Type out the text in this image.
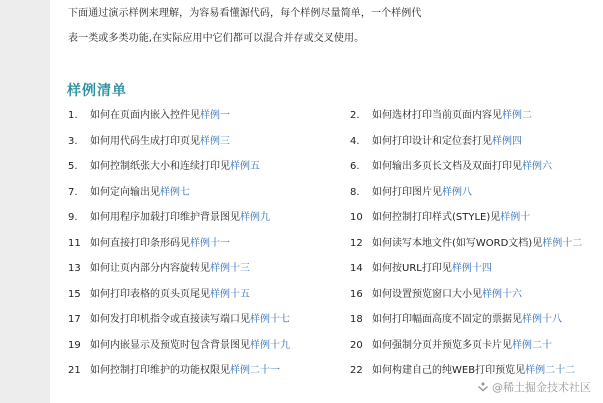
下面通过演示样例来理解，为容易看懂源代码，每个样例尽量简单，一个样例代
表一类或多类功能,在实际应用中它们都可以混合并存或交叉使用。
样例清单
1. 如何在页面内嵌入控件见样例一	2. 如何选材打印当前页面内容见样例二
3. 如何用代码生成打印页见样例三	4. 如何打印设计和定位套打见样例四
5. 如何控制纸张大小和连续打印见样例五	6. 如何输出多页长文档及双面打印见样例六
7. 如何定向输出见样例七	8. 如何打印图片见样例八
9. 如何用程序加载打印维护背景图见样例九	10 如何控制打印样式(STYLE)见样例十
11 如何直接打印条形码见样例十一	12 如何读写本地文件(如写WORD文档)见样例十二
13 如何让页内部分内容旋转见样例十三	14 如何按URL打印见样例十四
15 如何打印表格的页头页尾见样例十五	16 如何设置预览窗口大小见样例十六
17 如何发打印机指令或直接读写端口见样例十七	18 如何打印幅面高度不固定的票据见样例十八
19 如何内嵌显示及预览时包含背景图见样例十九	20 如何强制分页并预览多页卡片见样例二十
21 如何控制打印维护的功能权限见样例二十一	22 如何构建自己的纯WEB打印预览见样例二十二
@稀土掘金技术社区
